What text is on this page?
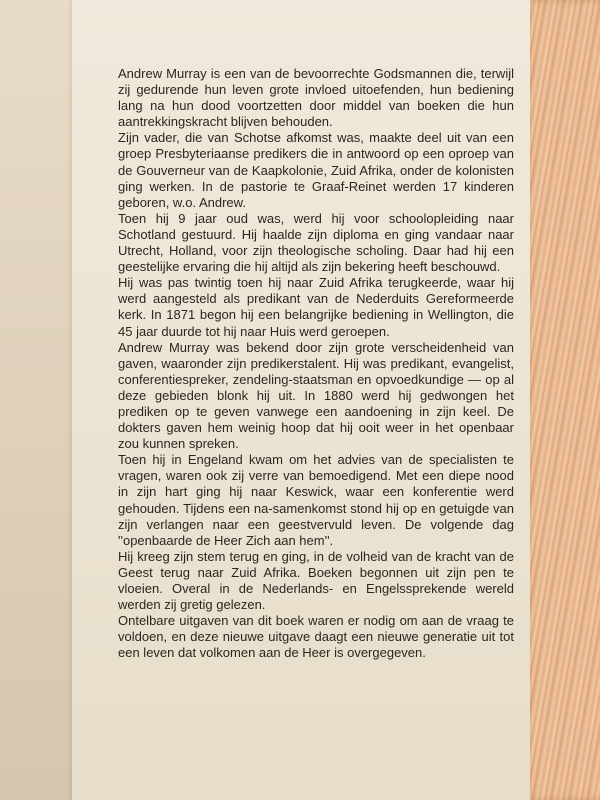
Andrew Murray is een van de bevoorrechte Godsmannen die, terwijl zij gedurende hun leven grote invloed uitoefenden, hun bediening lang na hun dood voortzetten door middel van boeken die hun aantrekkingskracht blijven behouden.

Zijn vader, die van Schotse afkomst was, maakte deel uit van een groep Presbyteriaanse predikers die in antwoord op een oproep van de Gouverneur van de Kaapkolonie, Zuid Afrika, onder de kolonisten ging werken. In de pastorie te Graaf-Reinet werden 17 kinderen geboren, w.o. Andrew.

Toen hij 9 jaar oud was, werd hij voor schoolopleiding naar Schotland gestuurd. Hij haalde zijn diploma en ging vandaar naar Utrecht, Holland, voor zijn theologische scholing. Daar had hij een geestelijke ervaring die hij altijd als zijn bekering heeft beschouwd.

Hij was pas twintig toen hij naar Zuid Afrika terugkeerde, waar hij werd aangesteld als predikant van de Nederduits Gereformeerde kerk. In 1871 begon hij een belangrijke bediening in Wellington, die 45 jaar duurde tot hij naar Huis werd geroepen.

Andrew Murray was bekend door zijn grote verscheidenheid van gaven, waaronder zijn predikerstalent. Hij was predikant, evangelist, conferentiespreker, zendeling-staatsman en opvoedkundige — op al deze gebieden blonk hij uit. In 1880 werd hij gedwongen het prediken op te geven vanwege een aandoening in zijn keel. De dokters gaven hem weinig hoop dat hij ooit weer in het openbaar zou kunnen spreken.

Toen hij in Engeland kwam om het advies van de specialisten te vragen, waren ook zij verre van bemoedigend. Met een diepe nood in zijn hart ging hij naar Keswick, waar een konferentie werd gehouden. Tijdens een na-samenkomst stond hij op en getuigde van zijn verlangen naar een geestvervuld leven. De volgende dag ''openbaarde de Heer Zich aan hem''.

Hij kreeg zijn stem terug en ging, in de volheid van de kracht van de Geest terug naar Zuid Afrika. Boeken begonnen uit zijn pen te vloeien. Overal in de Nederlands- en Engelssprekende wereld werden zij gretig gelezen.

Ontelbare uitgaven van dit boek waren er nodig om aan de vraag te voldoen, en deze nieuwe uitgave daagt een nieuwe generatie uit tot een leven dat volkomen aan de Heer is overgegeven.
